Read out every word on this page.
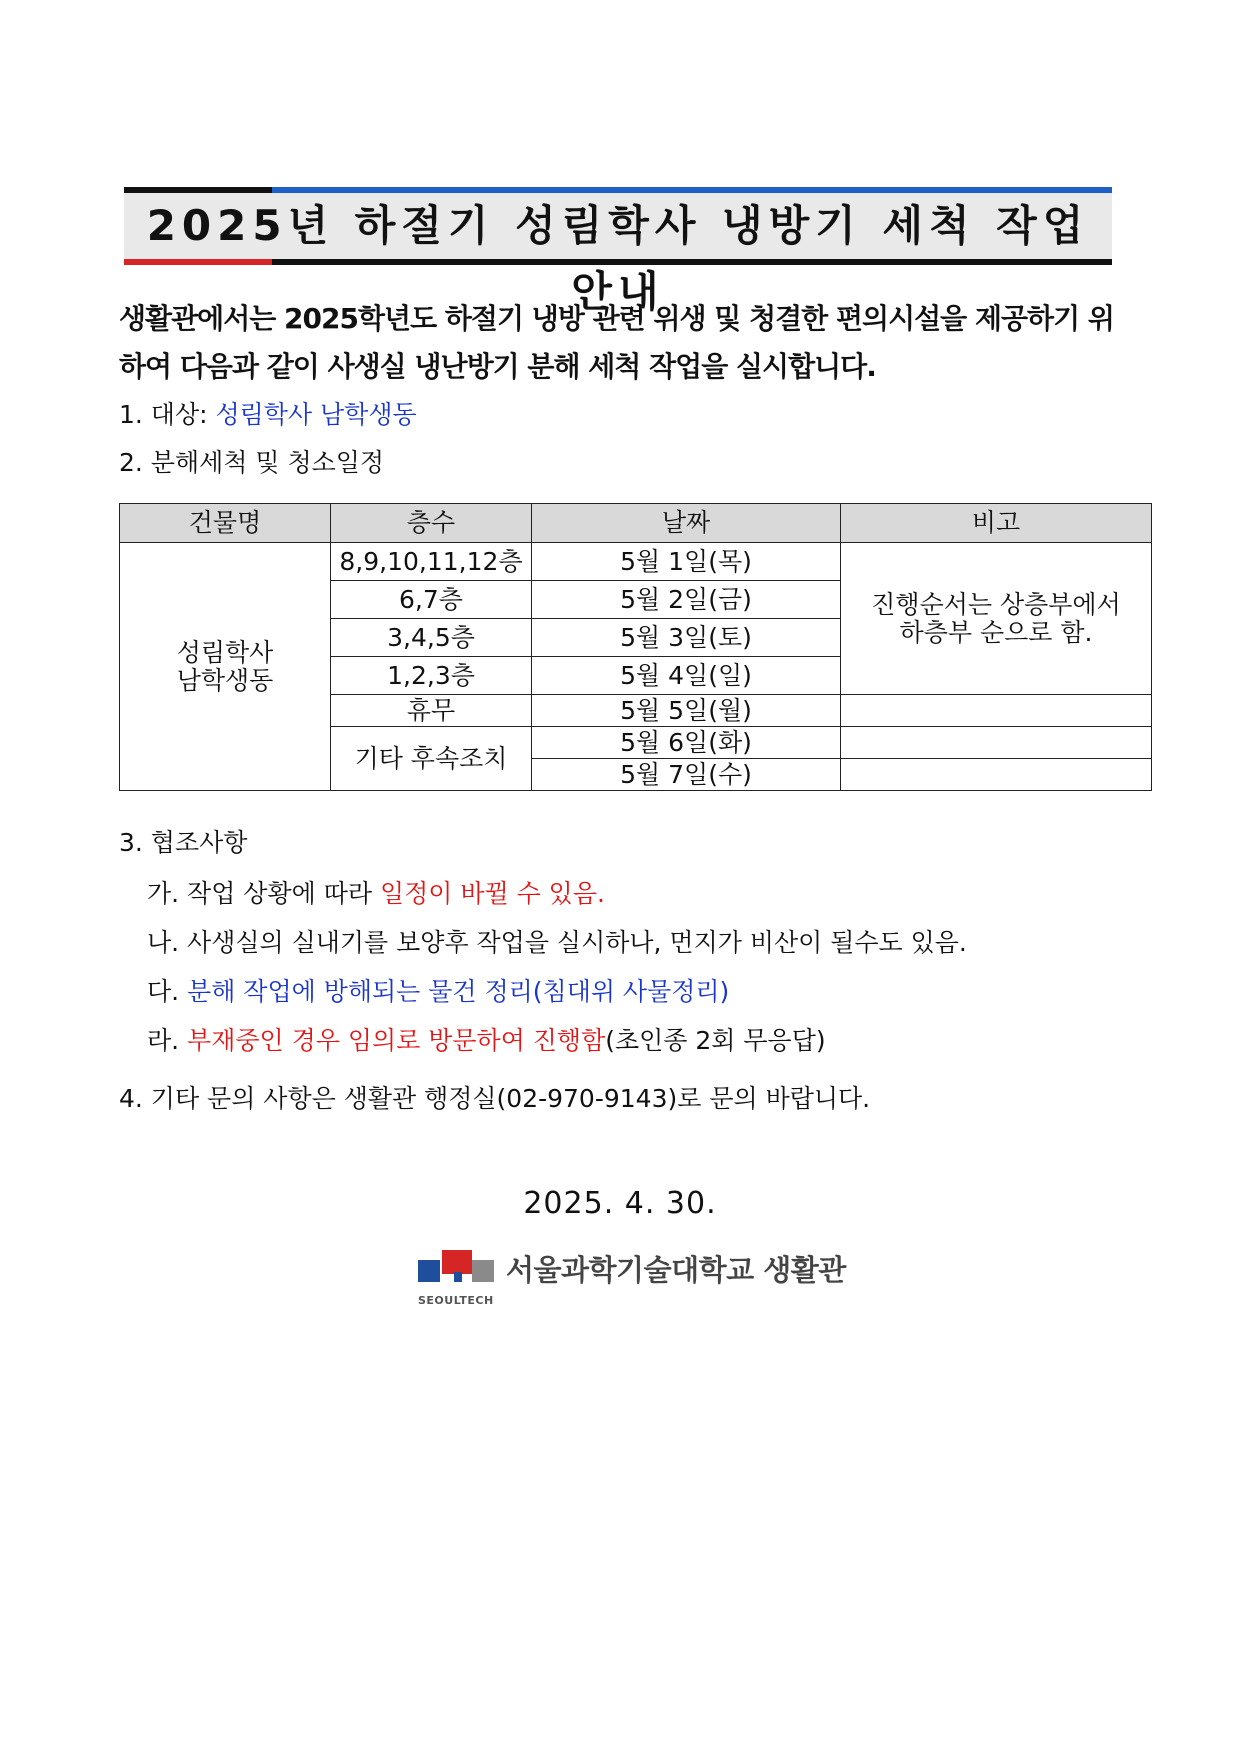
2025년 하절기 성림학사 냉방기 세척 작업 안내
생활관에서는 2025학년도 하절기 냉방 관련 위생 및 청결한 편의시설을 제공하기 위하여 다음과 같이 사생실 냉난방기 분해 세척 작업을 실시합니다.
1. 대상: 성림학사 남학생동
2. 분해세척 및 청소일정
건물명	층수	날짜	비고
성림학사
남학생동	8,9,10,11,12층	5월 1일(목)	진행순서는 상층부에서
하층부 순으로 함.
	6,7층	5월 2일(금)	
	3,4,5층	5월 3일(토)	
	1,2,3층	5월 4일(일)	
	휴무	5월 5일(월)	
	기타 후속조치	5월 6일(화)	
		5월 7일(수)	
3. 협조사항
가. 작업 상황에 따라 일정이 바뀔 수 있음.
나. 사생실의 실내기를 보양후 작업을 실시하나, 먼지가 비산이 될수도 있음.
다. 분해 작업에 방해되는 물건 정리(침대위 사물정리)
라. 부재중인 경우 임의로 방문하여 진행함(초인종 2회 무응답)
4. 기타 문의 사항은 생활관 행정실(02-970-9143)로 문의 바랍니다.
2025. 4. 30.
SEOULTECH
서울과학기술대학교 생활관
